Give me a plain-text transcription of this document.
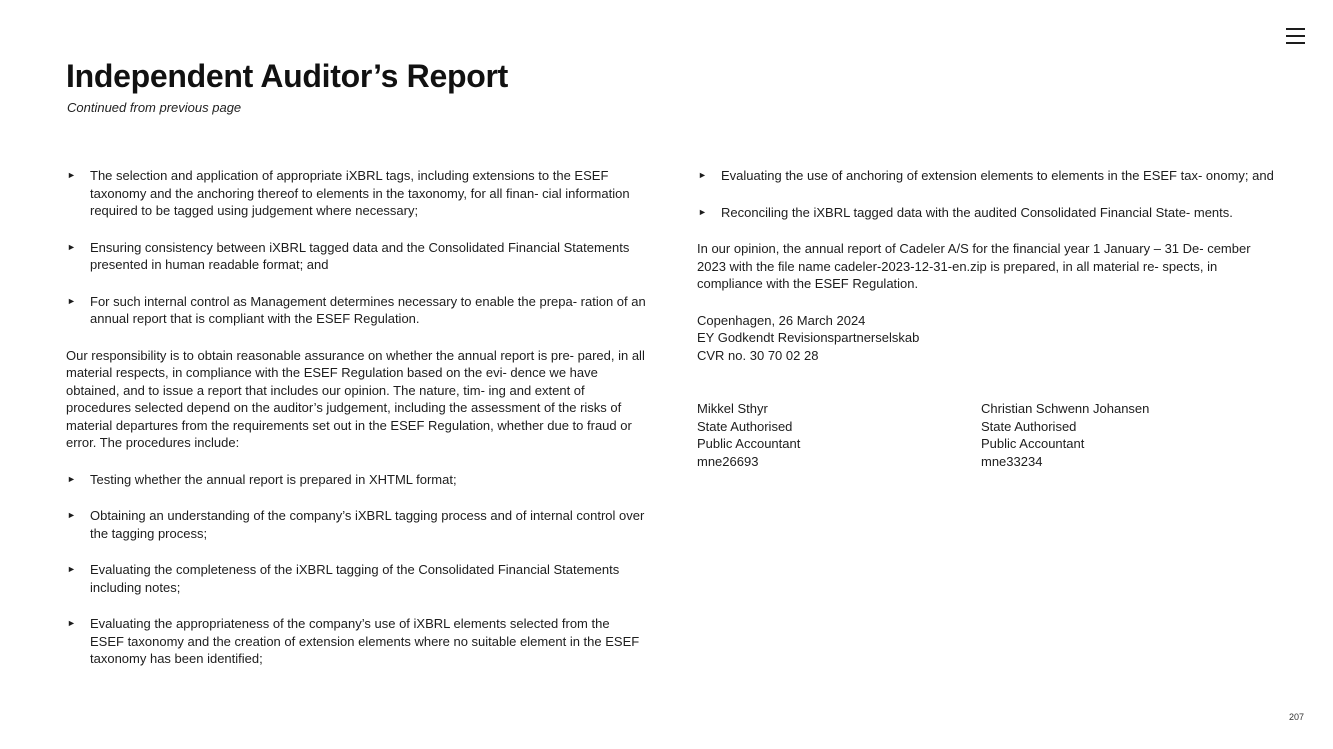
Independent Auditor’s Report

Continued from previous page

► The selection and application of appropriate iXBRL tags, including extensions to the ESEF taxonomy and the anchoring thereof to elements in the taxonomy, for all finan- cial information required to be tagged using judgement where necessary;
► Ensuring consistency between iXBRL tagged data and the Consolidated Financial Statements presented in human readable format; and
► For such internal control as Management determines necessary to enable the prepa- ration of an annual report that is compliant with the ESEF Regulation.

Our responsibility is to obtain reasonable assurance on whether the annual report is pre- pared, in all material respects, in compliance with the ESEF Regulation based on the evi- dence we have obtained, and to issue a report that includes our opinion. The nature, tim- ing and extent of procedures selected depend on the auditor’s judgement, including the assessment of the risks of material departures from the requirements set out in the ESEF Regulation, whether due to fraud or error. The procedures include:

► Testing whether the annual report is prepared in XHTML format;
► Obtaining an understanding of the company’s iXBRL tagging process and of internal control over the tagging process;
► Evaluating the completeness of the iXBRL tagging of the Consolidated Financial Statements including notes;
► Evaluating the appropriateness of the company’s use of iXBRL elements selected from the ESEF taxonomy and the creation of extension elements where no suitable element in the ESEF taxonomy has been identified;
► Evaluating the use of anchoring of extension elements to elements in the ESEF tax- onomy; and
► Reconciling the iXBRL tagged data with the audited Consolidated Financial State- ments.

In our opinion, the annual report of Cadeler A/S for the financial year 1 January – 31 De- cember 2023 with the file name cadeler-2023-12-31-en.zip is prepared, in all material re- spects, in compliance with the ESEF Regulation.

Copenhagen, 26 March 2024
EY Godkendt Revisionspartnerselskab
CVR no. 30 70 02 28
Mikkel Sthyr
State Authorised
Public Accountant
mne26693
Christian Schwenn Johansen
State Authorised
Public Accountant
mne33234
207
